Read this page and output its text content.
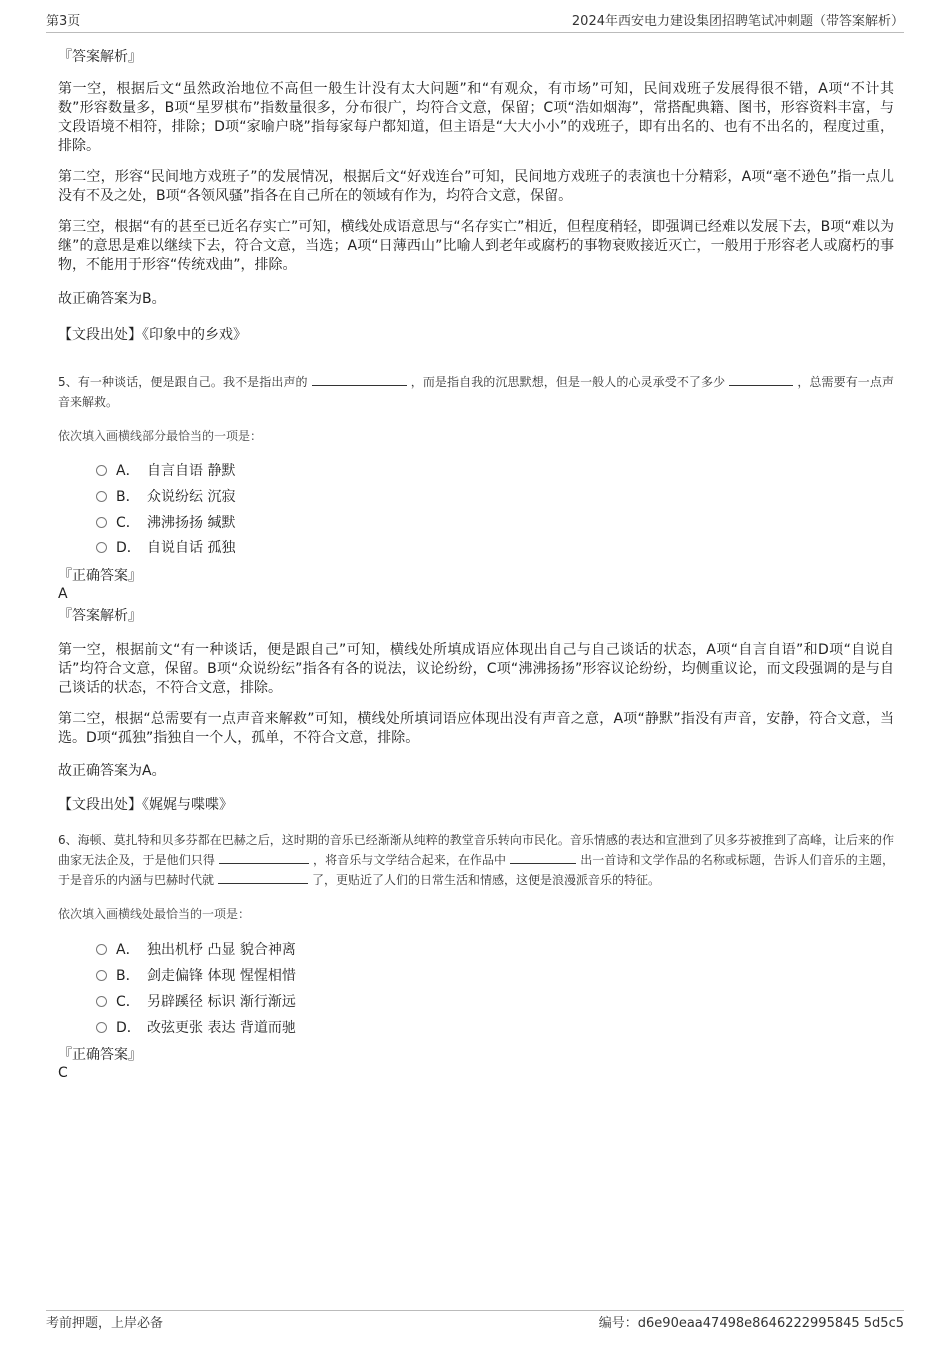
第3页	2024年西安电力建设集团招聘笔试冲刺题（带答案解析）
『答案解析』

第一空，根据后文“虽然政治地位不高但一般生计没有太大问题”和“有观众，有市场”可知，民间戏班子发展得很不错，A项“不计其数”形容数量多，B项“星罗棋布”指数量很多，分布很广，均符合文意，保留；C项“浩如烟海”，常搭配典籍、图书，形容资料丰富，与文段语境不相符，排除；D项“家喻户晓”指每家每户都知道，但主语是“大大小小”的戏班子，即有出名的、也有不出名的，程度过重，排除。

第二空，形容“民间地方戏班子”的发展情况，根据后文“好戏连台”可知，民间地方戏班子的表演也十分精彩，A项“毫不逊色”指一点儿没有不及之处，B项“各领风骚”指各在自己所在的领域有作为，均符合文意，保留。

第三空，根据“有的甚至已近名存实亡”可知，横线处成语意思与“名存实亡”相近，但程度稍轻，即强调已经难以发展下去，B项“难以为继”的意思是难以继续下去，符合文意，当选；A项“日薄西山”比喻人到老年或腐朽的事物衰败接近灭亡，一般用于形容老人或腐朽的事物，不能用于形容“传统戏曲”，排除。

故正确答案为B。
【文段出处】《印象中的乡戏》

5、有一种谈话，便是跟自己。我不是指出声的	，而是指自我的沉思默想，但是一般人的心灵承受不了多少	，总需要有一点声音来解救。

依次填入画横线部分最恰当的一项是：
A． 自言自语 静默
B． 众说纷纭 沉寂
C． 沸沸扬扬 缄默
D． 自说自话 孤独
『正确答案』
A
『答案解析』

第一空，根据前文“有一种谈话，便是跟自己”可知，横线处所填成语应体现出自己与自己谈话的状态，A项“自言自语”和D项“自说自话”均符合文意，保留。B项“众说纷纭”指各有各的说法，议论纷纷，C项“沸沸扬扬”形容议论纷纷，均侧重议论，而文段强调的是与自己谈话的状态，不符合文意，排除。

第二空，根据“总需要有一点声音来解救”可知，横线处所填词语应体现出没有声音之意，A项“静默”指没有声音，安静，符合文意，当选。D项“孤独”指独自一个人，孤单，不符合文意，排除。

故正确答案为A。
【文段出处】《娓娓与喋喋》

6、海顿、莫扎特和贝多芬都在巴赫之后，这时期的音乐已经渐渐从纯粹的教堂音乐转向市民化。音乐情感的表达和宣泄到了贝多芬被推到了高峰，让后来的作曲家无法企及，于是他们只得	，将音乐与文学结合起来，在作品中	出一首诗和文学作品的名称或标题，告诉人们音乐的主题，于是音乐的内涵与巴赫时代就	了，更贴近了人们的日常生活和情感，这便是浪漫派音乐的特征。

依次填入画横线处最恰当的一项是：
A． 独出机杼 凸显 貌合神离
B． 剑走偏锋 体现 惺惺相惜
C． 另辟蹊径 标识 渐行渐远
D． 改弦更张 表达 背道而驰
『正确答案』
C
考前押题，上岸必备	编号：d6e90eaa47498e8646222995845 5d5c5
